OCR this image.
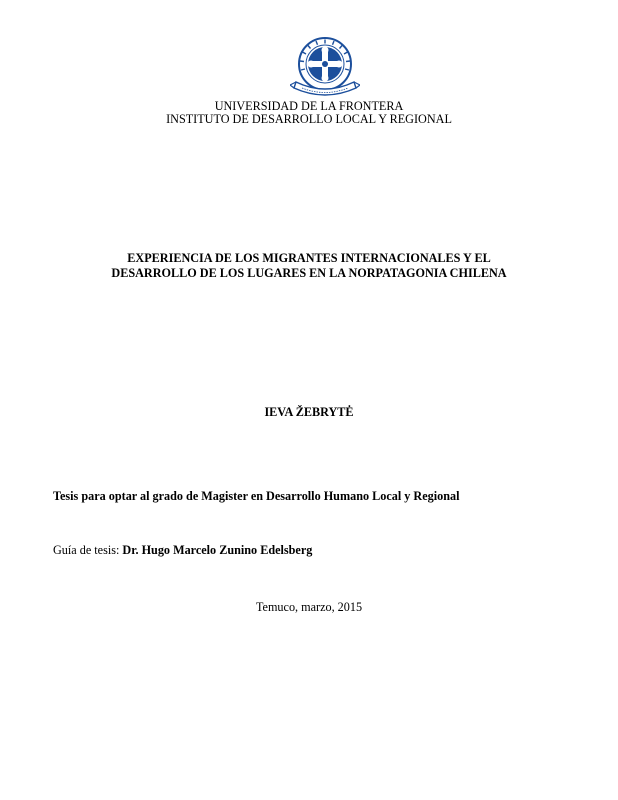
UNIVERSIDAD DE LA FRONTERA
INSTITUTO DE DESARROLLO LOCAL Y REGIONAL
EXPERIENCIA DE LOS MIGRANTES INTERNACIONALES Y EL
DESARROLLO DE LOS LUGARES EN LA NORPATAGONIA CHILENA
IEVA ŽEBRYTĖ
Tesis para optar al grado de Magister en Desarrollo Humano Local y Regional
Guía de tesis: Dr. Hugo Marcelo Zunino Edelsberg
Temuco, marzo, 2015
